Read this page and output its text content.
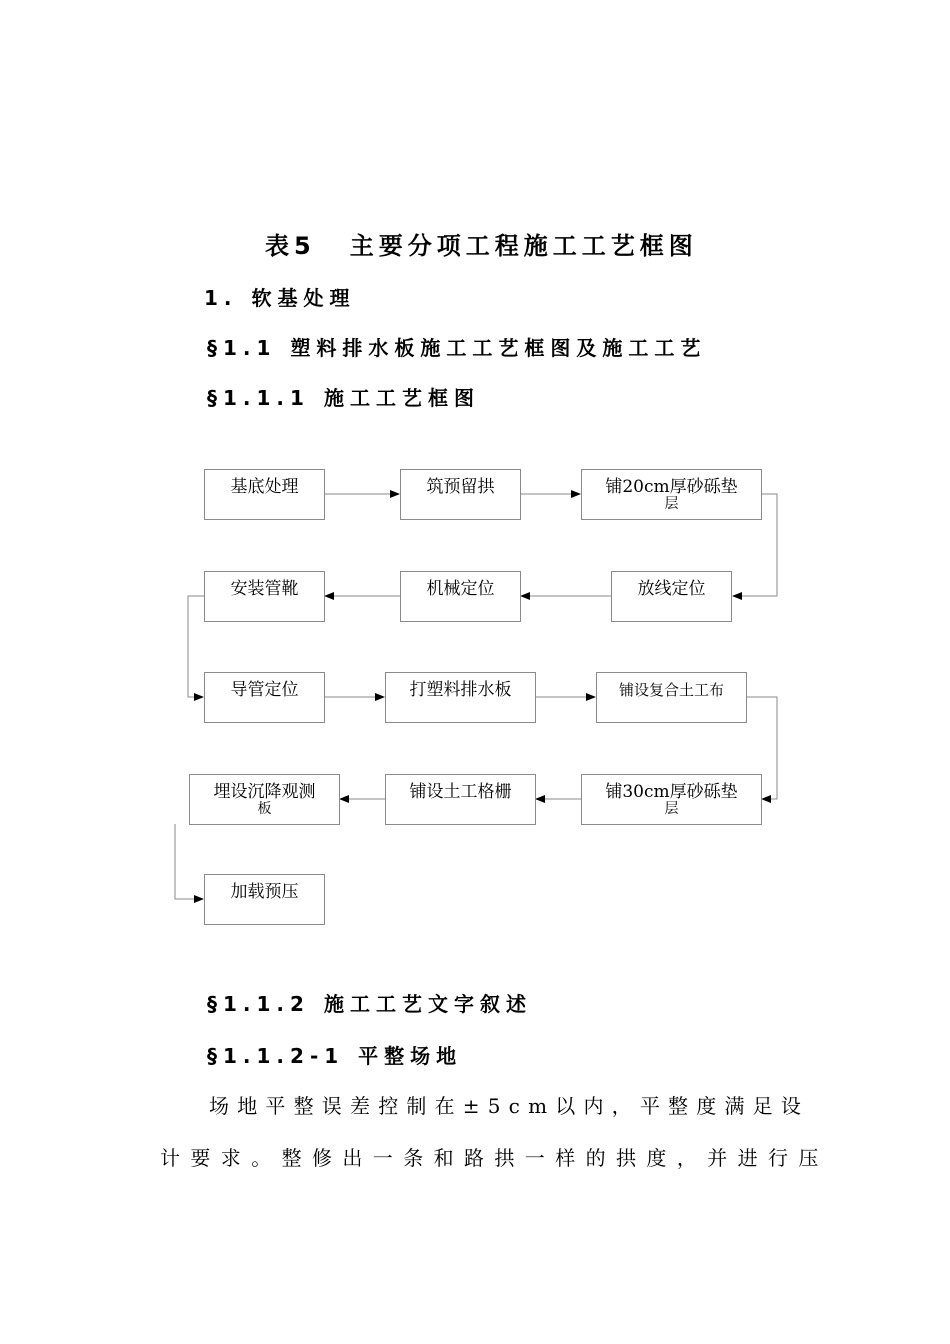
表5 主要分项工程施工工艺框图
1. 软基处理
§1.1 塑料排水板施工工艺框图及施工工艺
§1.1.1 施工工艺框图
基底处理	筑预留拱	铺20cm厚砂砾垫
层
放线定位
机械定位
安装管靴
导管定位	打塑料排水板	铺设复合土工布
铺30cm厚砂砾垫
层
铺设土工格栅
埋设沉降观测
板
加载预压
§1.1.2 施工工艺文字叙述
§1.1.2-1 平整场地
场地平整误差控制在±5cm以内，平整度满足设
计要求。整修出一条和路拱一样的拱度，并进行压
